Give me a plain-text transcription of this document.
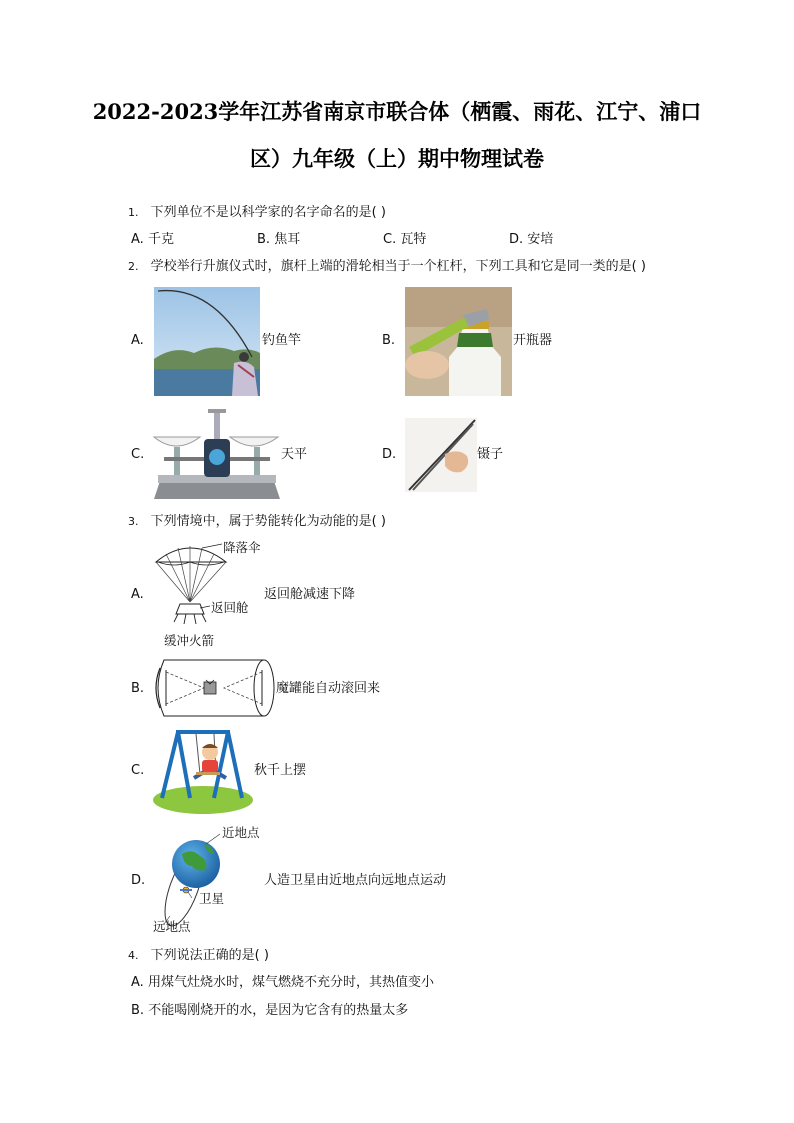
2022-2023学年江苏省南京市联合体（栖霞、雨花、江宁、浦口
区）九年级（上）期中物理试卷
1. 下列单位不是以科学家的名字命名的是( )
A. 千克	B. 焦耳	C. 瓦特	D. 安培
2. 学校举行升旗仪式时，旗杆上端的滑轮相当于一个杠杆，下列工具和它是同一类的是( )
A.	钓鱼竿	B.	开瓶器
C.	天平	D.	镊子
3. 下列情境中，属于势能转化为动能的是( )
A.
降落伞
返回舱
缓冲火箭
返回舱减速下降
B.	魔罐能自动滚回来
C.	秋千上摆
D.
近地点
卫星
远地点
人造卫星由近地点向远地点运动
4. 下列说法正确的是( )
A. 用煤气灶烧水时，煤气燃烧不充分时，其热值变小
B. 不能喝刚烧开的水，是因为它含有的热量太多
